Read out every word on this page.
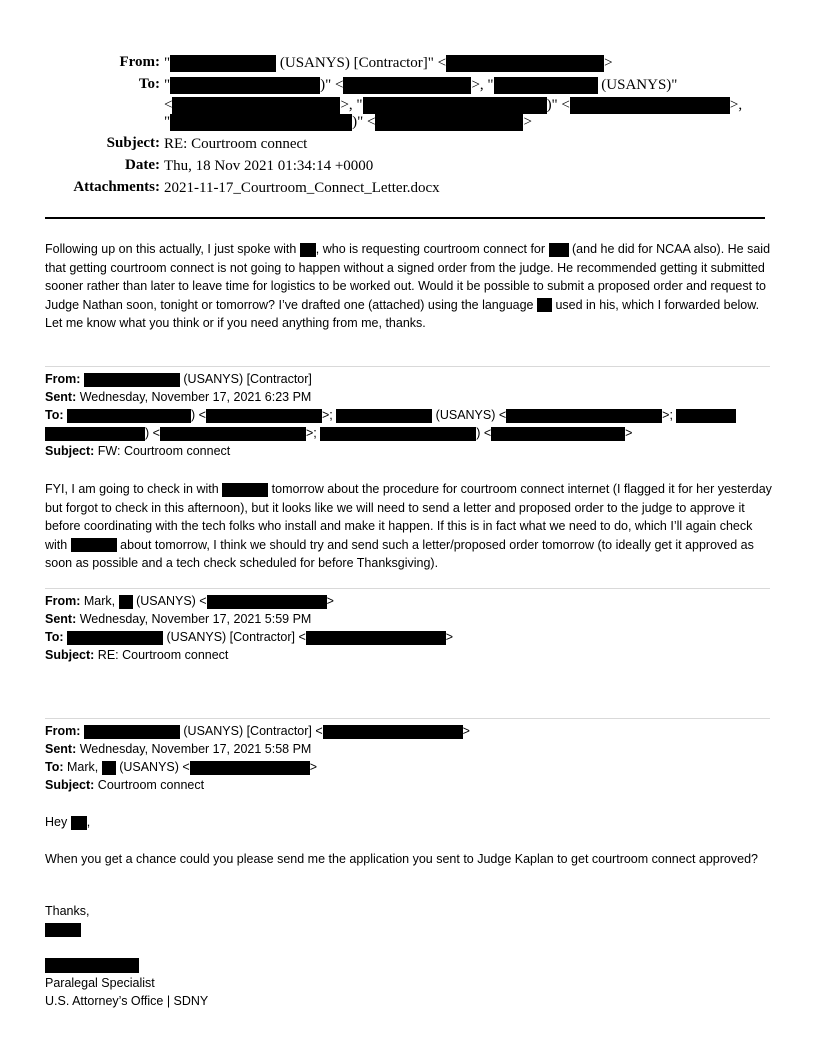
From: "	(USANYS) [Contractor]" <	>
To: "	)" <	>, "	(USANYS)"
<	>, "	)" <	>,
"	)" <	>
Subject: RE: Courtroom connect
Date: Thu, 18 Nov 2021 01:34:14 +0000
Attachments: 2021-11-17_Courtroom_Connect_Letter.docx

Following up on this actually, I just spoke with , who is requesting courtroom connect for  (and he did for NCAA also). He said that getting courtroom connect is not going to happen without a signed order from the judge. He recommended getting it submitted sooner rather than later to leave time for logistics to be worked out. Would it be possible to submit a proposed order and request to Judge Nathan soon, tonight or tomorrow? I’ve drafted one (attached) using the language  used in his, which I forwarded below. Let me know what you think or if you need anything from me, thanks.

From:	(USANYS) [Contractor]
Sent: Wednesday, November 17, 2021 6:23 PM
To:	) <	>;	(USANYS) <	>;
) <	>;	) <	>
Subject: FW: Courtroom connect

FYI, I am going to check in with	tomorrow about the procedure for courtroom connect internet (I flagged it for her yesterday but forgot to check in this afternoon), but it looks like we will need to send a letter and proposed order to the judge to approve it before coordinating with the tech folks who install and make it happen. If this is in fact what we need to do, which I’ll again check with	about tomorrow, I think we should try and send such a letter/proposed order tomorrow (to ideally get it approved as soon as possible and a tech check scheduled for before Thanksgiving).

From: Mark,  (USANYS) <	>
Sent: Wednesday, November 17, 2021 5:59 PM
To:	(USANYS) [Contractor] <	>
Subject: RE: Courtroom connect
From:	(USANYS) [Contractor] <	>
Sent: Wednesday, November 17, 2021 5:58 PM
To: Mark,  (USANYS) <	>
Subject: Courtroom connect
Hey ,

When you get a chance could you please send me the application you sent to Judge Kaplan to get courtroom connect approved?

Thanks,
Paralegal Specialist
U.S. Attorney’s Office | SDNY
